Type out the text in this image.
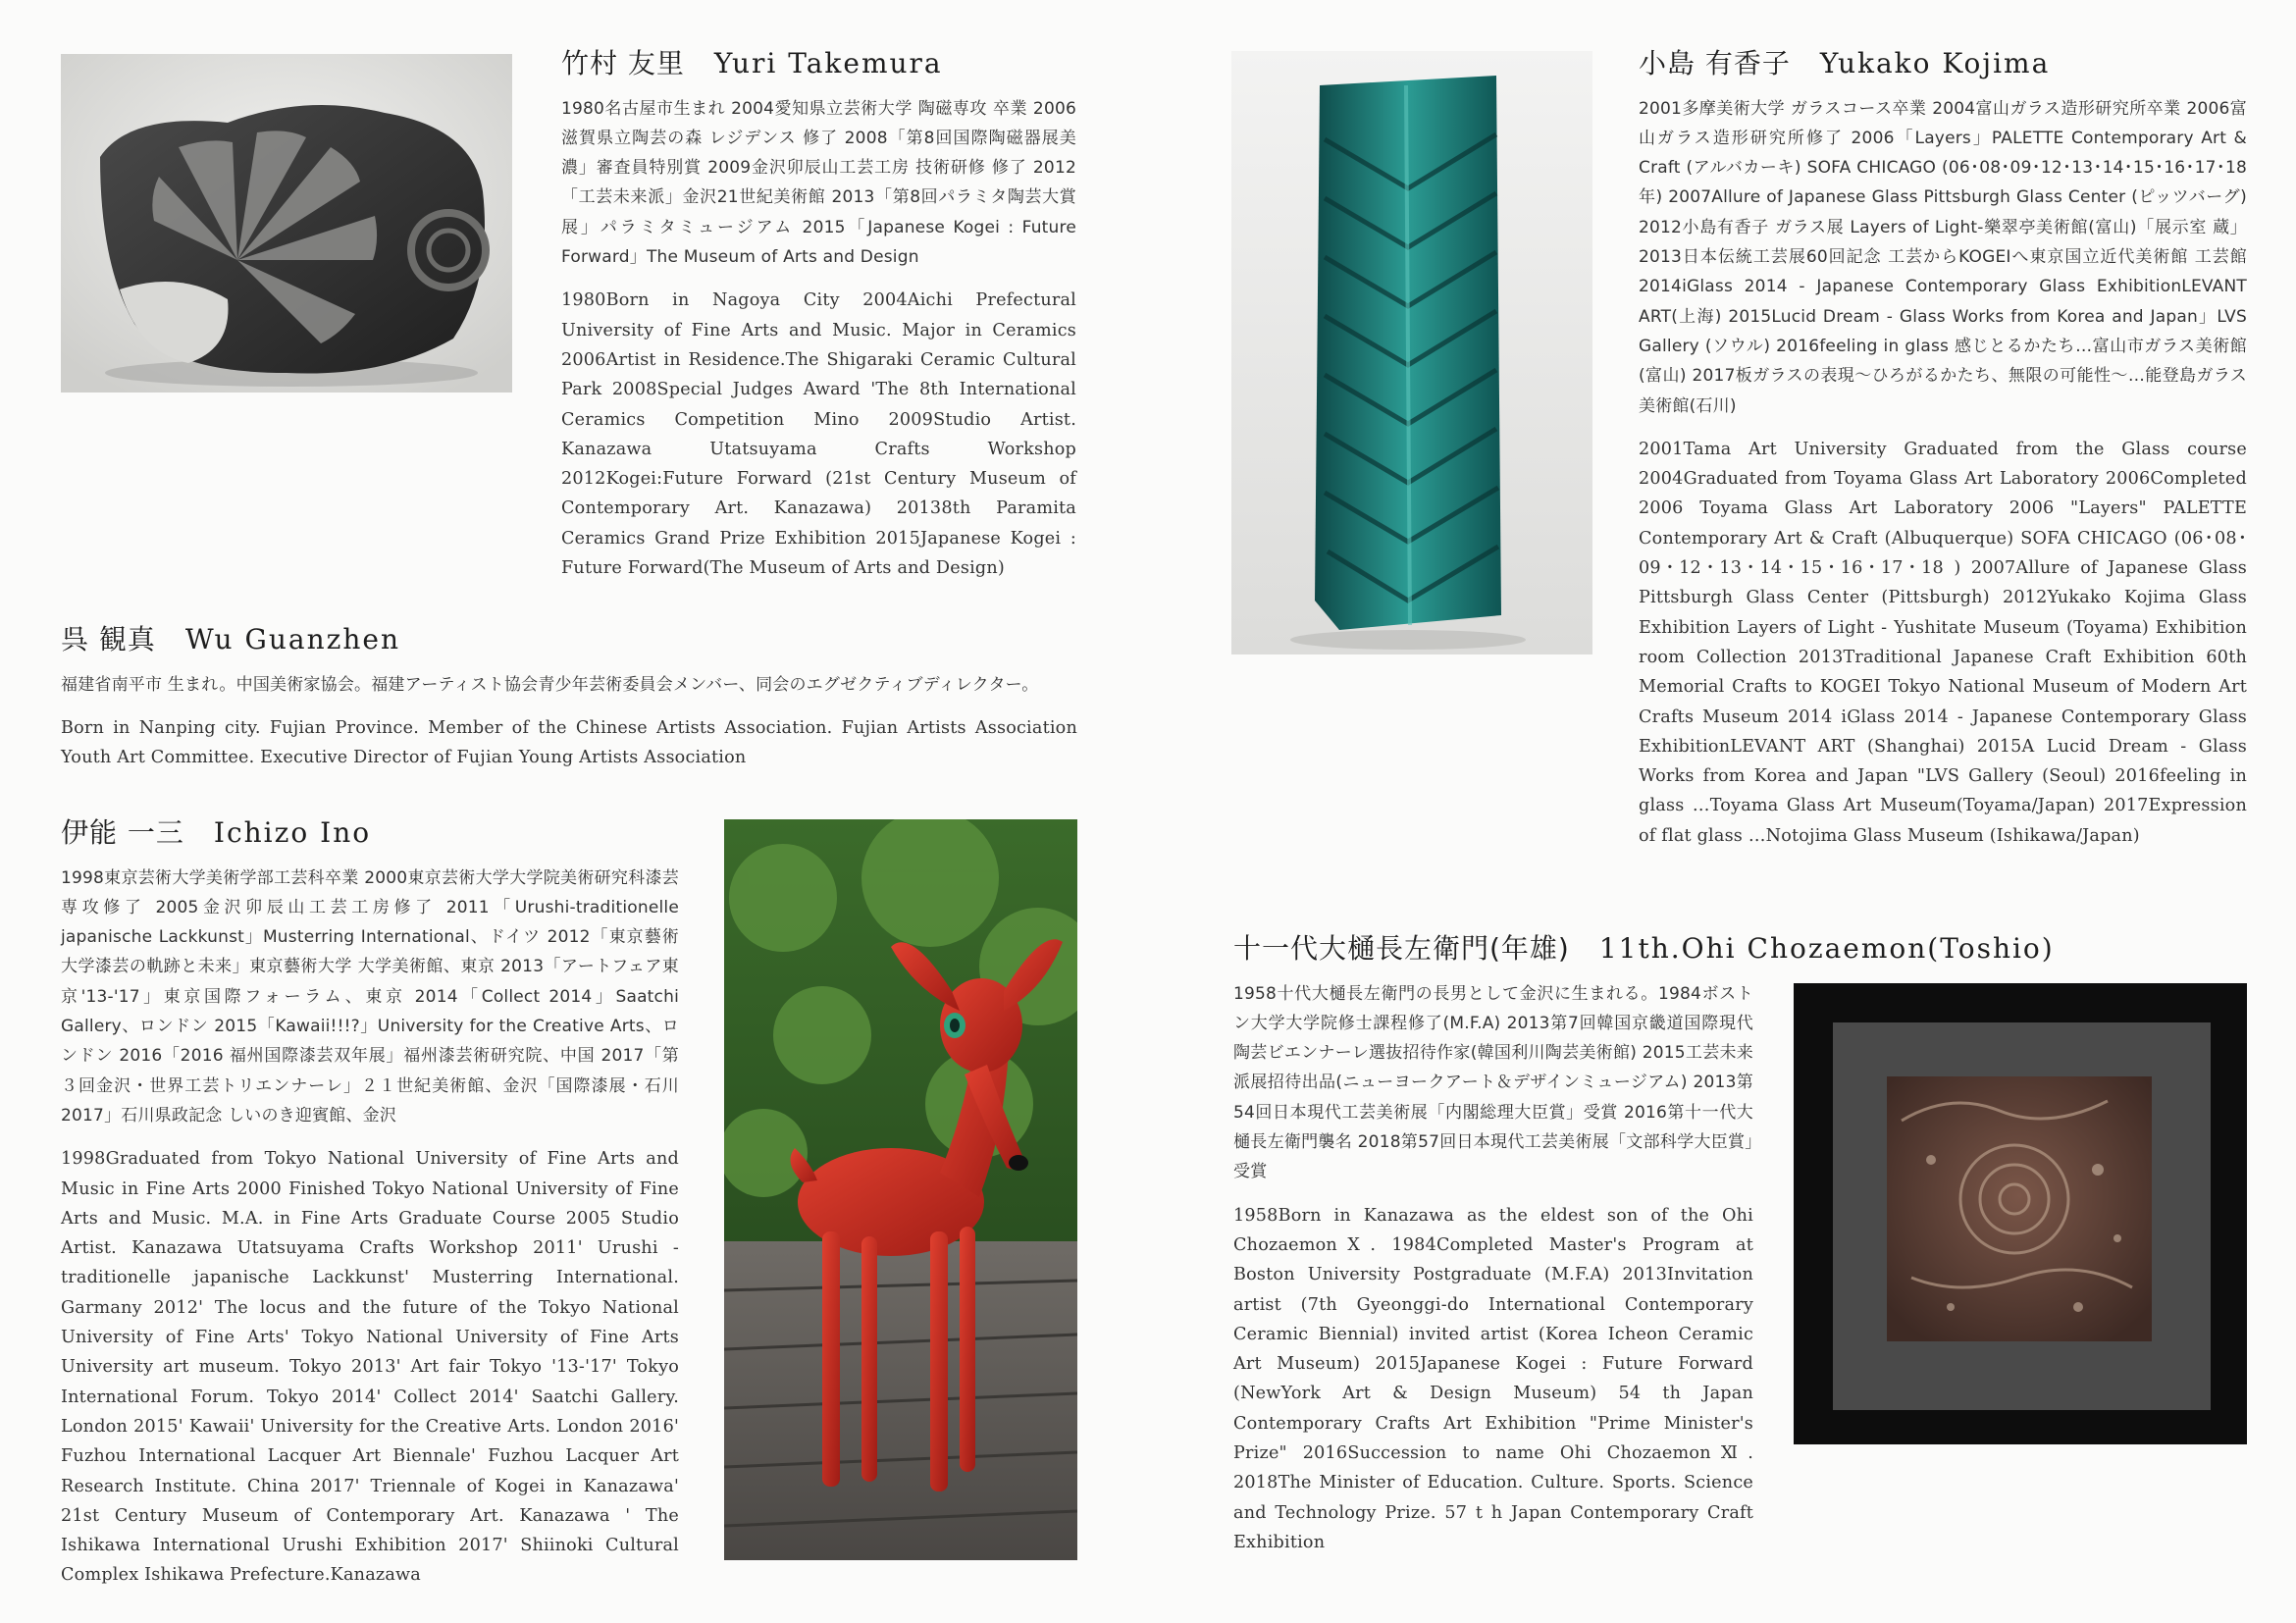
竹村 友里 Yuri Takemura

1980名古屋市生まれ 2004愛知県立芸術大学 陶磁専攻 卒業 2006滋賀県立陶芸の森 レジデンス 修了 2008「第8回国際陶磁器展美濃」審査員特別賞 2009金沢卯辰山工芸工房 技術研修 修了 2012「工芸未来派」金沢21世紀美術館 2013「第8回パラミタ陶芸大賞展」パラミタミュージアム 2015「Japanese Kogei : Future Forward」The Museum of Arts and Design

1980Born in Nagoya City 2004Aichi Prefectural University of Fine Arts and Music. Major in Ceramics 2006Artist in Residence.The Shigaraki Ceramic Cultural Park 2008Special Judges Award 'The 8th International Ceramics Competition Mino 2009Studio Artist. Kanazawa Utatsuyama Crafts Workshop 2012Kogei:Future Forward (21st Century Museum of Contemporary Art. Kanazawa) 20138th Paramita Ceramics Grand Prize Exhibition 2015Japanese Kogei : Future Forward(The Museum of Arts and Design)

呉 観真 Wu Guanzhen

福建省南平市 生まれ。中国美術家協会。福建アーティスト協会青少年芸術委員会メンバー、同会のエグゼクティブディレクター。

Born in Nanping city. Fujian Province. Member of the Chinese Artists Association. Fujian Artists Association Youth Art Committee. Executive Director of Fujian Young Artists Association

伊能 一三 Ichizo Ino

1998東京芸術大学美術学部工芸科卒業 2000東京芸術大学大学院美術研究科漆芸専攻修了 2005金沢卯辰山工芸工房修了 2011「Urushi-traditionelle japanische Lackkunst」Musterring International、ドイツ 2012「東京藝術大学漆芸の軌跡と未来」東京藝術大学 大学美術館、東京 2013「アートフェア東京'13-'17」東京国際フォーラム、東京 2014「Collect 2014」Saatchi Gallery、ロンドン 2015「Kawaii!!!?」University for the Creative Arts、ロンドン 2016「2016 福州国際漆芸双年展」福州漆芸術研究院、中国 2017「第３回金沢・世界工芸トリエンナーレ」２１世紀美術館、金沢「国際漆展・石川2017」石川県政記念 しいのき迎賓館、金沢

1998Graduated from Tokyo National University of Fine Arts and Music in Fine Arts 2000 Finished Tokyo National University of Fine Arts and Music. M.A. in Fine Arts Graduate Course 2005 Studio Artist. Kanazawa Utatsuyama Crafts Workshop 2011' Urushi - traditionelle japanische Lackkunst' Musterring International. Garmany 2012' The locus and the future of the Tokyo National University of Fine Arts' Tokyo National University of Fine Arts University art museum. Tokyo 2013' Art fair Tokyo '13-'17' Tokyo International Forum. Tokyo 2014' Collect 2014' Saatchi Gallery. London 2015' Kawaii' University for the Creative Arts. London 2016' Fuzhou International Lacquer Art Biennale' Fuzhou Lacquer Art Research Institute. China 2017' Triennale of Kogei in Kanazawa' 21st Century Museum of Contemporary Art. Kanazawa ' The Ishikawa International Urushi Exhibition 2017' Shiinoki Cultural Complex Ishikawa Prefecture.Kanazawa

小島 有香子 Yukako Kojima

2001多摩美術大学 ガラスコース卒業 2004富山ガラス造形研究所卒業 2006富山ガラス造形研究所修了 2006「Layers」PALETTE Contemporary Art & Craft (アルバカーキ) SOFA CHICAGO (06･08･09･12･13･14･15･16･17･18 年) 2007Allure of Japanese Glass Pittsburgh Glass Center (ピッツバーグ) 2012小島有香子 ガラス展 Layers of Light-樂翠亭美術館(富山)「展示室 蔵」2013日本伝統工芸展60回記念 工芸からKOGEIへ東京国立近代美術館 工芸館 2014iGlass 2014 - Japanese Contemporary Glass ExhibitionLEVANT ART(上海) 2015Lucid Dream - Glass Works from Korea and Japan」LVS Gallery (ソウル) 2016feeling in glass 感じとるかたち…富山市ガラス美術館(富山) 2017板ガラスの表現～ひろがるかたち、無限の可能性～…能登島ガラス美術館(石川)

2001Tama Art University Graduated from the Glass course 2004Graduated from Toyama Glass Art Laboratory 2006Completed 2006 Toyama Glass Art Laboratory 2006 "Layers" PALETTE Contemporary Art & Craft (Albuquerque) SOFA CHICAGO (06･08･09･12･13･14･15･16･17･18 ) 2007Allure of Japanese Glass Pittsburgh Glass Center (Pittsburgh) 2012Yukako Kojima Glass Exhibition Layers of Light - Yushitate Museum (Toyama) Exhibition room Collection 2013Traditional Japanese Craft Exhibition 60th Memorial Crafts to KOGEI Tokyo National Museum of Modern Art Crafts Museum 2014 iGlass 2014 - Japanese Contemporary Glass ExhibitionLEVANT ART (Shanghai) 2015A Lucid Dream - Glass Works from Korea and Japan "LVS Gallery (Seoul) 2016feeling in glass …Toyama Glass Art Museum(Toyama/Japan) 2017Expression of flat glass …Notojima Glass Museum (Ishikawa/Japan)

十一代大樋長左衛門(年雄) 11th.Ohi Chozaemon(Toshio)

1958十代大樋長左衛門の長男として金沢に生まれる。1984ボストン大学大学院修士課程修了(M.F.A) 2013第7回韓国京畿道国際現代陶芸ビエンナーレ選抜招待作家(韓国利川陶芸美術館) 2015工芸未来派展招待出品(ニューヨークアート＆デザインミュージアム) 2013第54回日本現代工芸美術展「内閣総理大臣賞」受賞 2016第十一代大樋長左衛門襲名 2018第57回日本現代工芸美術展「文部科学大臣賞」受賞

1958Born in Kanazawa as the eldest son of the Ohi ChozaemonⅩ. 1984Completed Master's Program at Boston University Postgraduate (M.F.A) 2013Invitation artist (7th Gyeonggi-do International Contemporary Ceramic Biennial) invited artist (Korea Icheon Ceramic Art Museum) 2015Japanese Kogei : Future Forward (NewYork Art & Design Museum) 54 th Japan Contemporary Crafts Art Exhibition "Prime Minister's Prize" 2016Succession to name Ohi ChozaemonⅪ. 2018The Minister of Education. Culture. Sports. Science and Technology Prize. 57 t h Japan Contemporary Craft Exhibition
